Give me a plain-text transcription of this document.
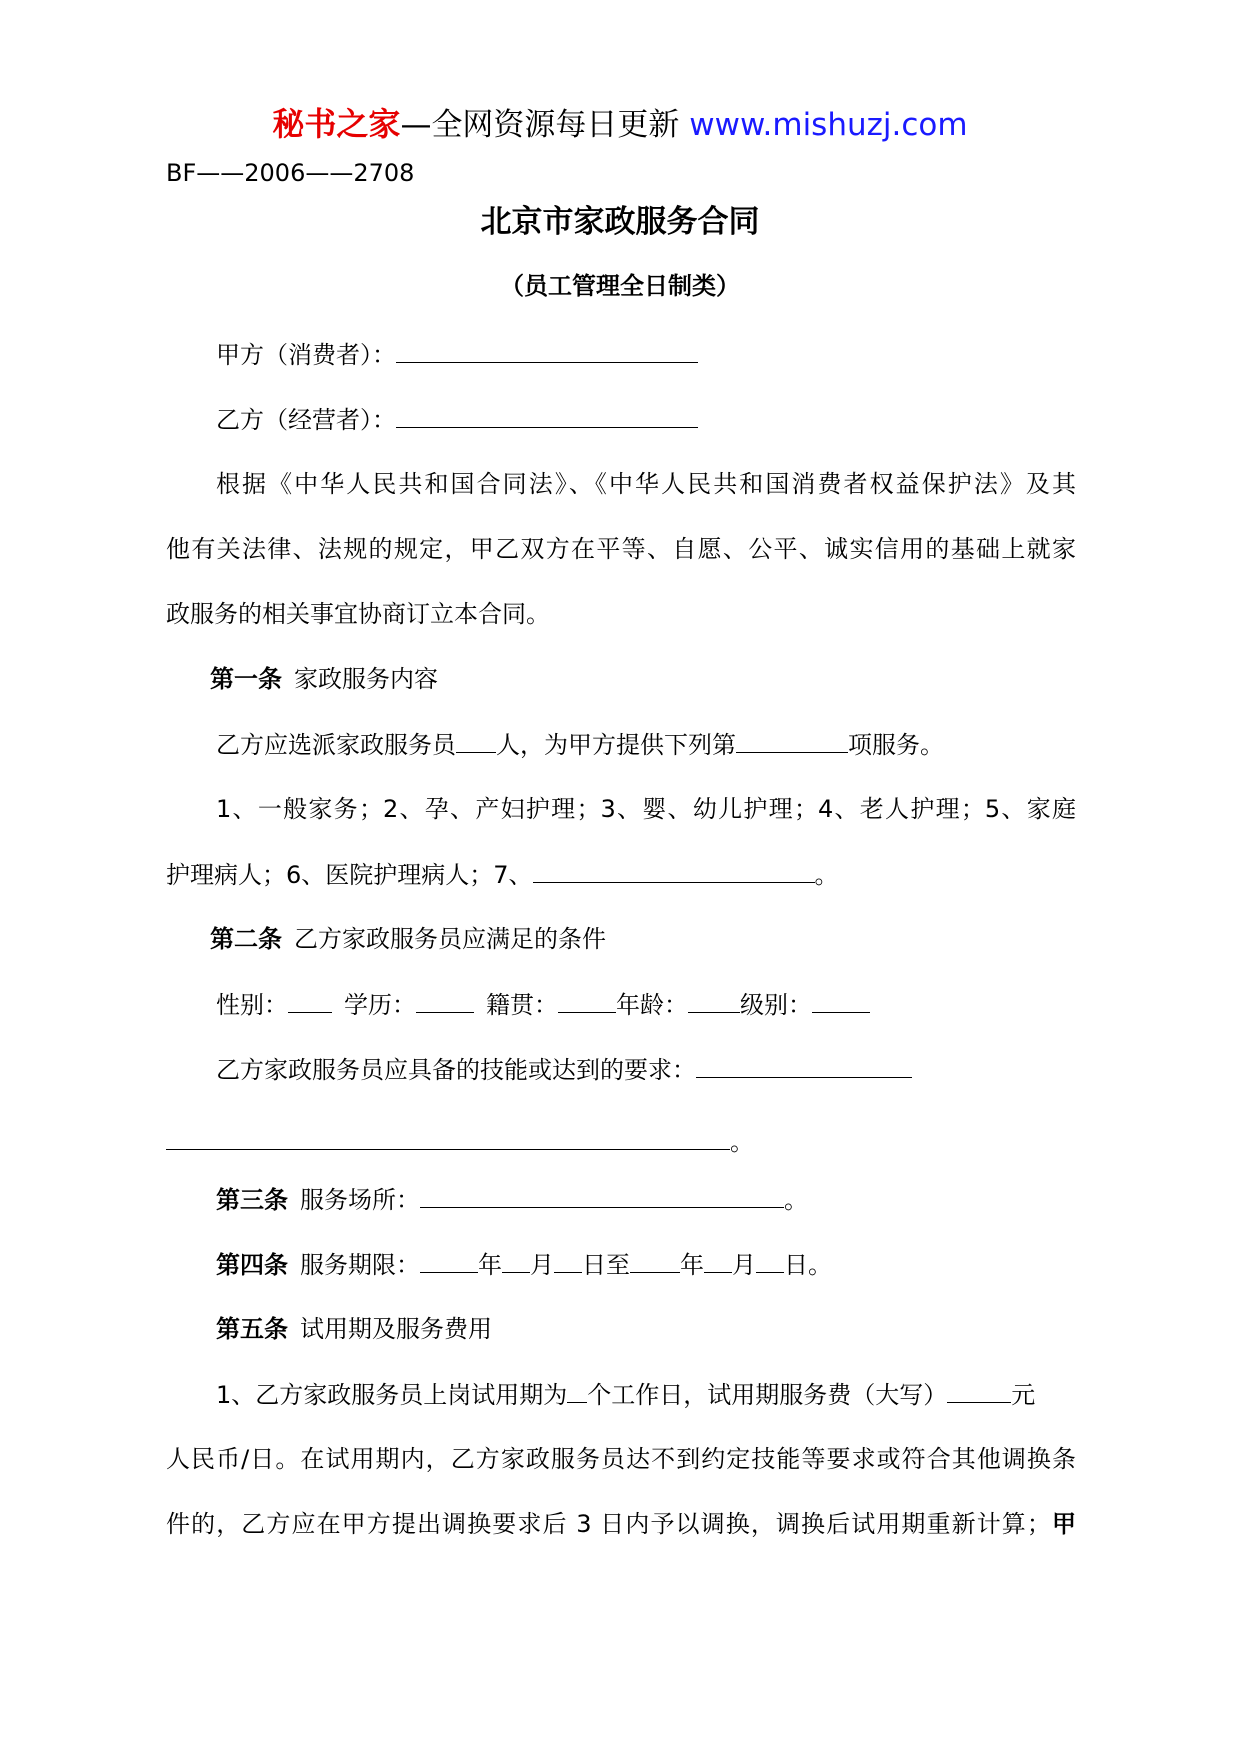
秘书之家—全网资源每日更新 www.mishuzj.com
BF——2006——2708
北京市家政服务合同
（员工管理全日制类）
甲方（消费者）：
乙方（经营者）：
根据《中华人民共和国合同法》、《中华人民共和国消费者权益保护法》及其
他有关法律、法规的规定，甲乙双方在平等、自愿、公平、诚实信用的基础上就家
政服务的相关事宜协商订立本合同。
第一条 家政服务内容
乙方应选派家政服务员 人，为甲方提供下列第	项服务。
1、一般家务；2、孕、产妇护理；3、婴、幼儿护理；4、老人护理；5、家庭
护理病人；6、医院护理病人；7、	。
第二条 乙方家政服务员应满足的条件
性别： 学历：	籍贯： 年龄： 级别：
乙方家政服务员应具备的技能或达到的要求：
。
第三条 服务场所：	。
第四条 服务期限： 年 月 日至 年 月 日。
第五条 试用期及服务费用
1、乙方家政服务员上岗试用期为 个工作日，试用期服务费（大写）	元
人民币/日。在试用期内，乙方家政服务员达不到约定技能等要求或符合其他调换条
件的，乙方应在甲方提出调换要求后 3 日内予以调换，调换后试用期重新计算；甲
